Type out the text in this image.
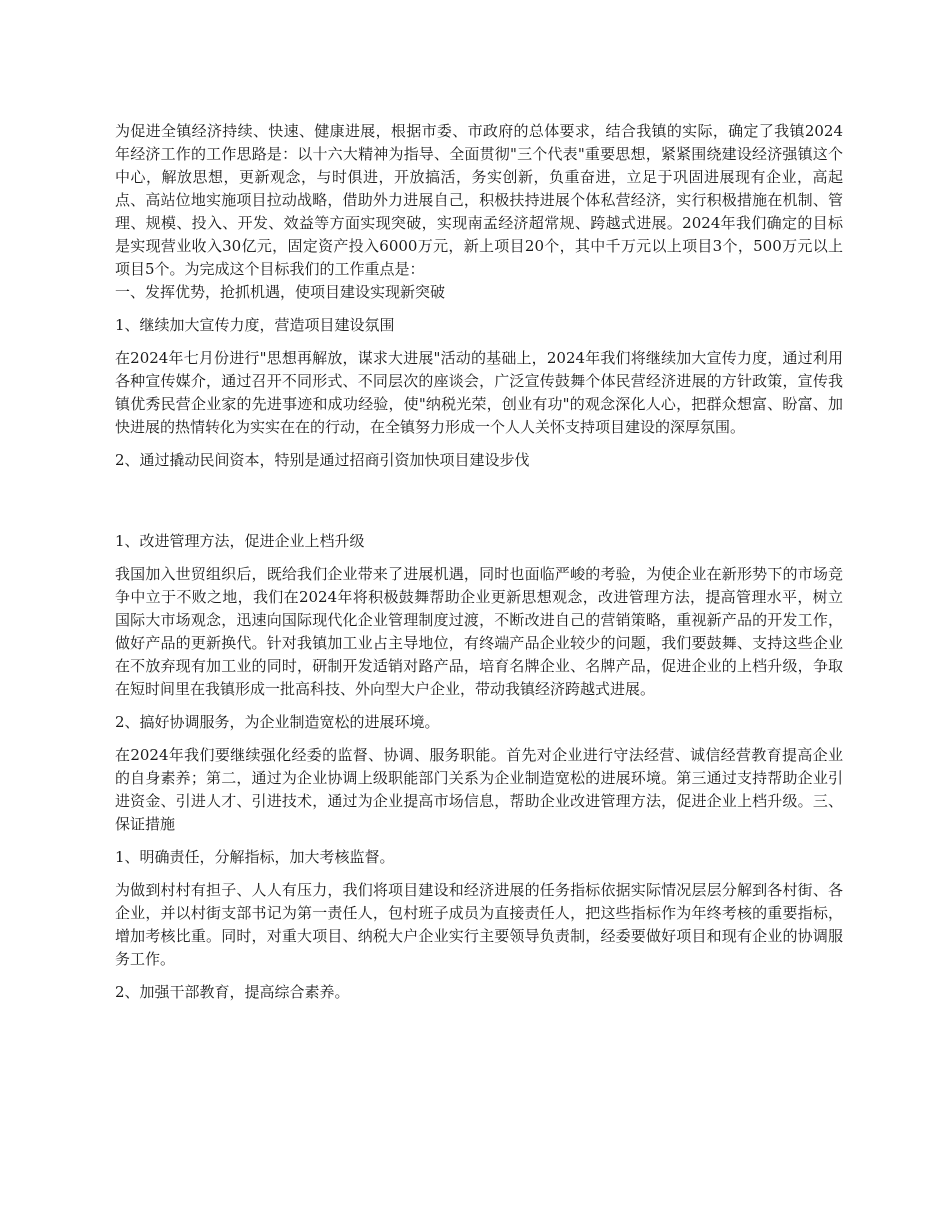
为促进全镇经济持续、快速、健康进展，根据市委、市政府的总体要求，结合我镇的实际，确定了我镇2024年经济工作的工作思路是：以十六大精神为指导、全面贯彻"三个代表"重要思想，紧紧围绕建设经济强镇这个中心，解放思想，更新观念，与时俱进，开放搞活，务实创新，负重奋进，立足于巩固进展现有企业，高起点、高站位地实施项目拉动战略，借助外力进展自己，积极扶持进展个体私营经济，实行积极措施在机制、管理、规模、投入、开发、效益等方面实现突破，实现南孟经济超常规、跨越式进展。2024年我们确定的目标是实现营业收入30亿元，固定资产投入6000万元，新上项目20个，其中千万元以上项目3个，500万元以上项目5个。为完成这个目标我们的工作重点是：

一、发挥优势，抢抓机遇，使项目建设实现新突破

1、继续加大宣传力度，营造项目建设氛围

在2024年七月份进行"思想再解放，谋求大进展"活动的基础上，2024年我们将继续加大宣传力度，通过利用各种宣传媒介，通过召开不同形式、不同层次的座谈会，广泛宣传鼓舞个体民营经济进展的方针政策，宣传我镇优秀民营企业家的先进事迹和成功经验，使"纳税光荣，创业有功"的观念深化人心，把群众想富、盼富、加快进展的热情转化为实实在在的行动，在全镇努力形成一个人人关怀支持项目建设的深厚氛围。

2、通过撬动民间资本，特别是通过招商引资加快项目建设步伐

1、改进管理方法，促进企业上档升级

我国加入世贸组织后，既给我们企业带来了进展机遇，同时也面临严峻的考验，为使企业在新形势下的市场竞争中立于不败之地，我们在2024年将积极鼓舞帮助企业更新思想观念，改进管理方法，提高管理水平，树立国际大市场观念，迅速向国际现代化企业管理制度过渡，不断改进自己的营销策略，重视新产品的开发工作，做好产品的更新换代。针对我镇加工业占主导地位，有终端产品企业较少的问题，我们要鼓舞、支持这些企业在不放弃现有加工业的同时，研制开发适销对路产品，培育名牌企业、名牌产品，促进企业的上档升级，争取在短时间里在我镇形成一批高科技、外向型大户企业，带动我镇经济跨越式进展。

2、搞好协调服务，为企业制造宽松的进展环境。

在2024年我们要继续强化经委的监督、协调、服务职能。首先对企业进行守法经营、诚信经营教育提高企业的自身素养；第二，通过为企业协调上级职能部门关系为企业制造宽松的进展环境。第三通过支持帮助企业引进资金、引进人才、引进技术，通过为企业提高市场信息，帮助企业改进管理方法，促进企业上档升级。三、保证措施

1、明确责任，分解指标，加大考核监督。

为做到村村有担子、人人有压力，我们将项目建设和经济进展的任务指标依据实际情况层层分解到各村街、各企业，并以村街支部书记为第一责任人，包村班子成员为直接责任人，把这些指标作为年终考核的重要指标，增加考核比重。同时，对重大项目、纳税大户企业实行主要领导负责制，经委要做好项目和现有企业的协调服务工作。

2、加强干部教育，提高综合素养。
